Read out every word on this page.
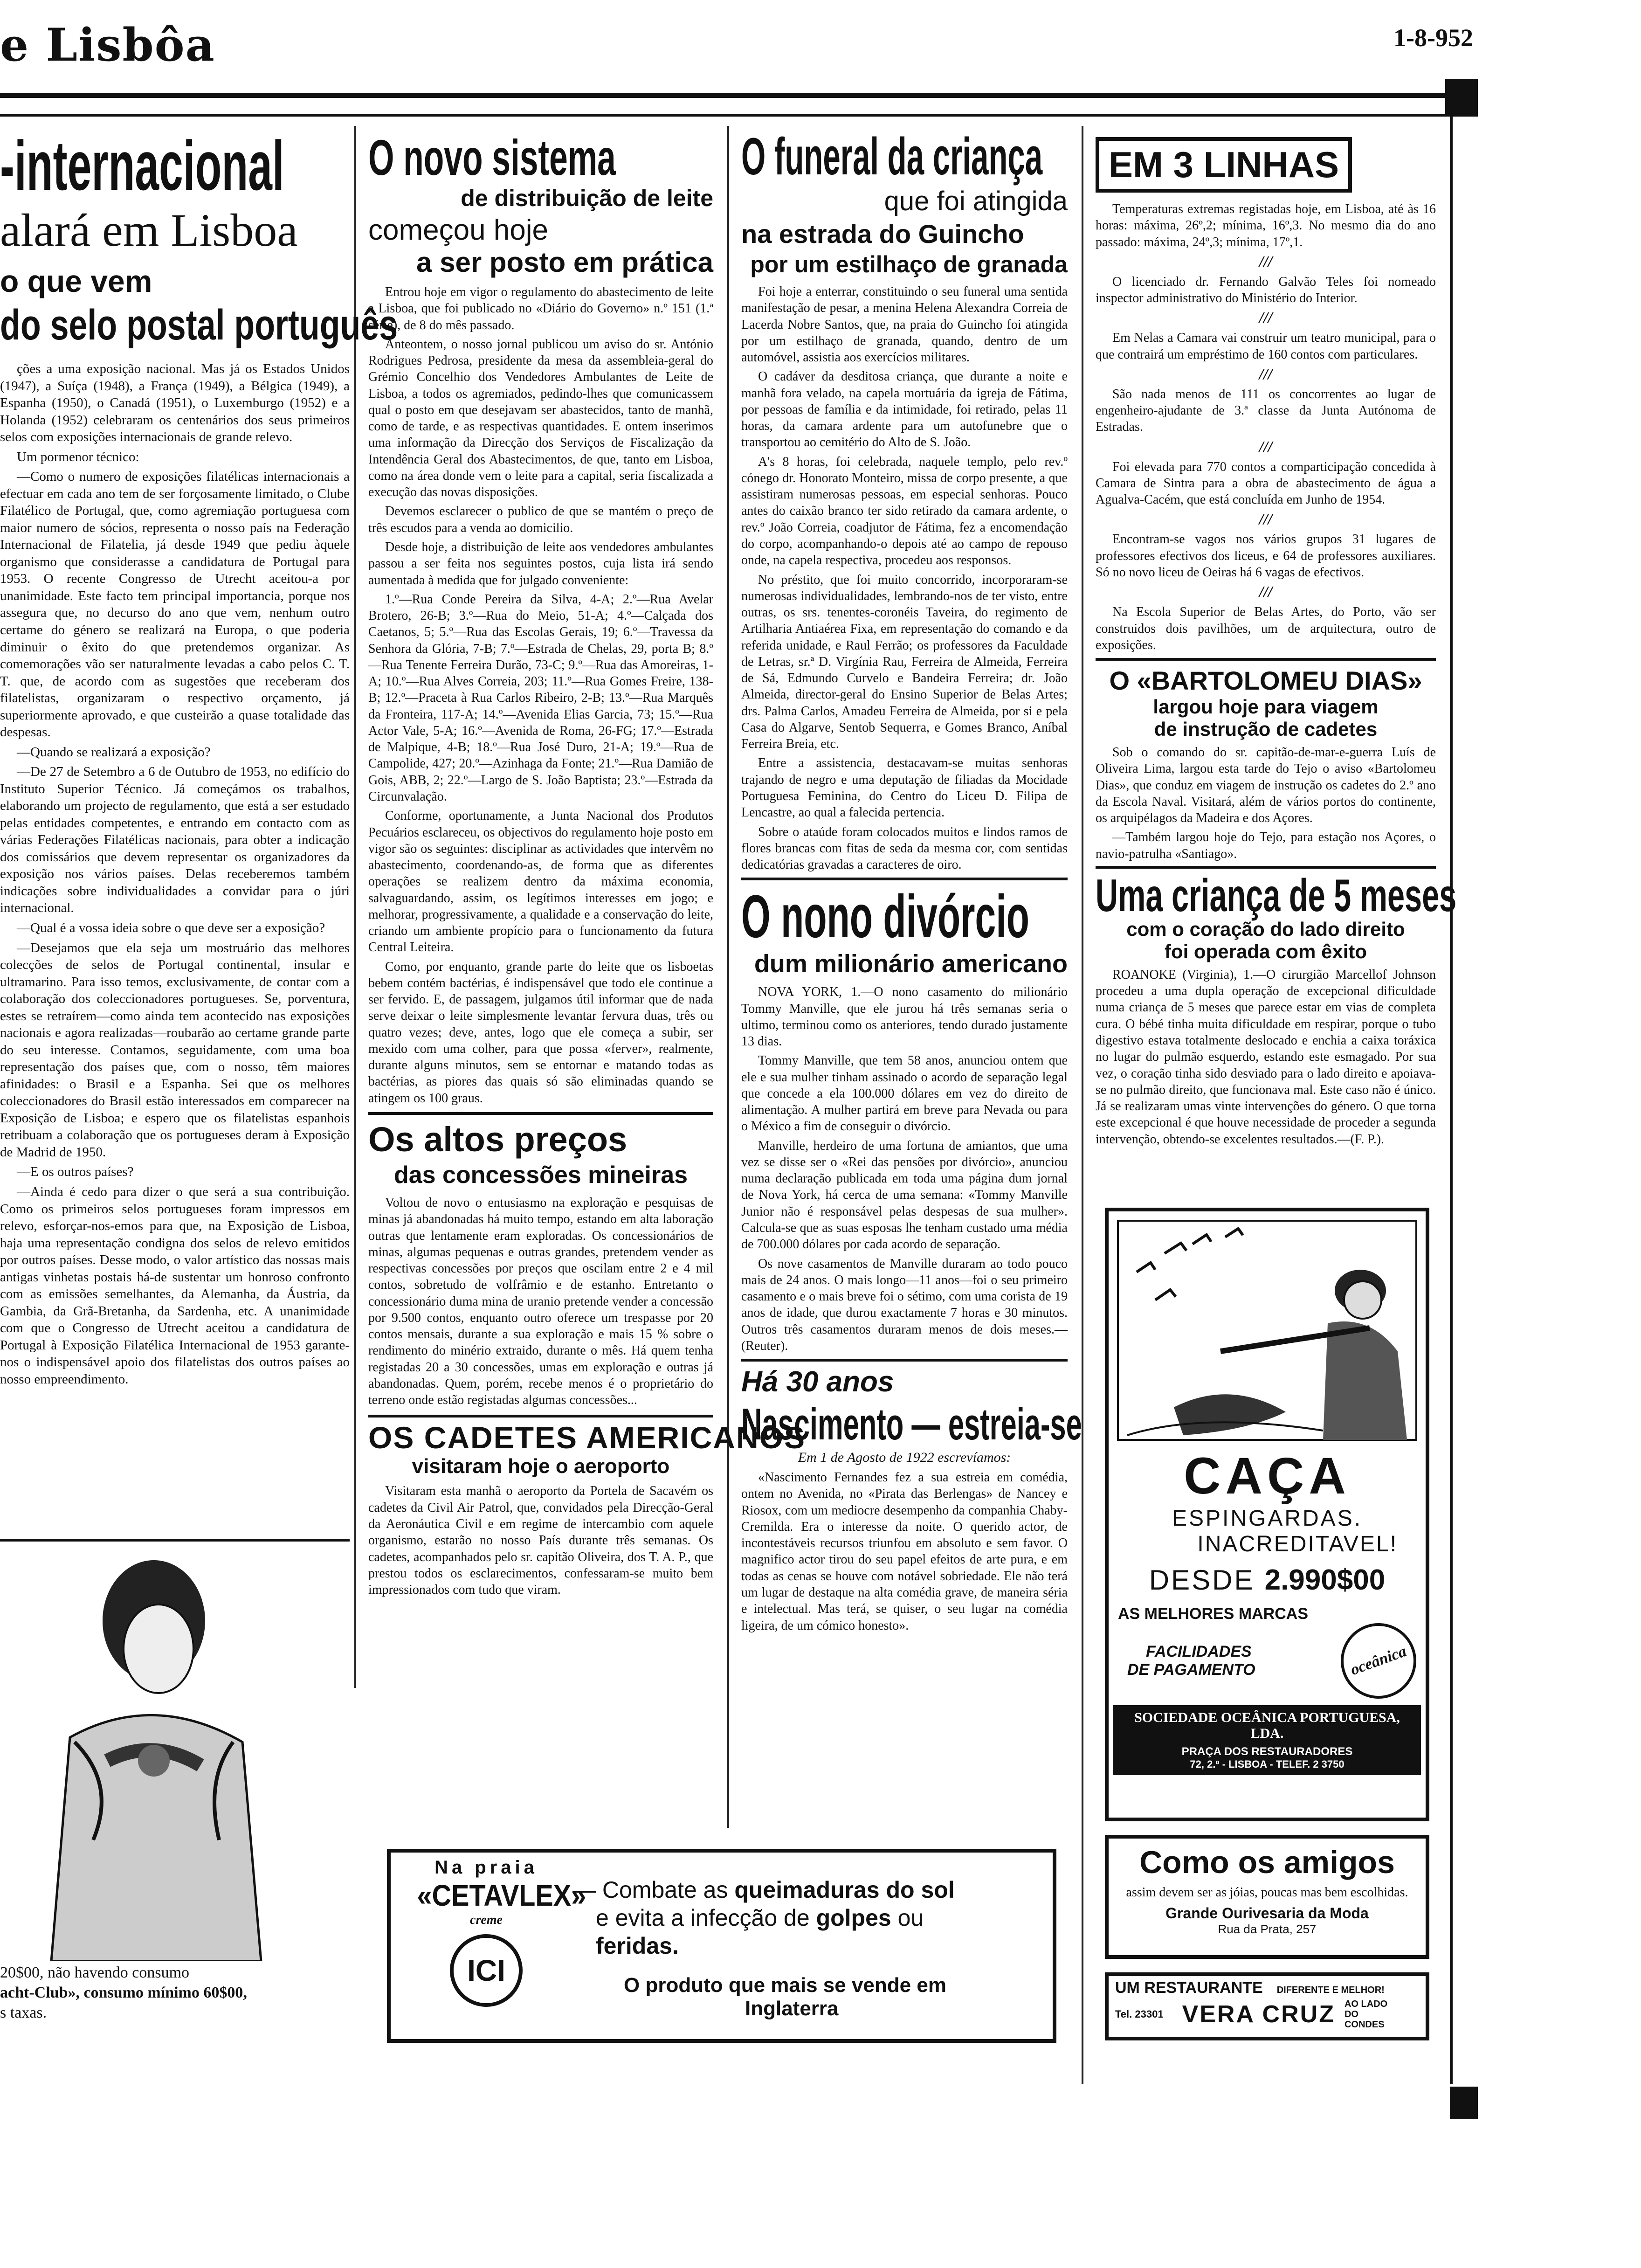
e Lisbôa	1-8-952
-internacional
alará em Lisboa
o que vem
do selo postal português

ções a uma exposição nacional. Mas já os Estados Unidos (1947), a Suíça (1948), a França (1949), a Bélgica (1949), a Espanha (1950), o Canadá (1951), o Luxemburgo (1952) e a Holanda (1952) celebraram os centenários dos seus primeiros selos com exposições internacionais de grande relevo.

Um pormenor técnico:

—Como o numero de exposições filatélicas internacionais a efectuar em cada ano tem de ser forçosamente limitado, o Clube Filatélico de Portugal, que, como agremiação portuguesa com maior numero de sócios, representa o nosso país na Federação Internacional de Filatelia, já desde 1949 que pediu àquele organismo que considerasse a candidatura de Portugal para 1953. O recente Congresso de Utrecht aceitou-a por unanimidade. Este facto tem principal importancia, porque nos assegura que, no decurso do ano que vem, nenhum outro certame do género se realizará na Europa, o que poderia diminuir o êxito do que pretendemos organizar. As comemorações vão ser naturalmente levadas a cabo pelos C. T. T. que, de acordo com as sugestões que receberam dos filatelistas, organizaram o respectivo orçamento, já superiormente aprovado, e que custeirão a quase totalidade das despesas.

—Quando se realizará a exposição?

—De 27 de Setembro a 6 de Outubro de 1953, no edifício do Instituto Superior Técnico. Já começámos os trabalhos, elaborando um projecto de regulamento, que está a ser estudado pelas entidades competentes, e entrando em contacto com as várias Federações Filatélicas nacionais, para obter a indicação dos comissários que devem representar os organizadores da exposição nos vários países. Delas receberemos também indicações sobre individualidades a convidar para o júri internacional.

—Qual é a vossa ideia sobre o que deve ser a exposição?

—Desejamos que ela seja um mostruário das melhores colecções de selos de Portugal continental, insular e ultramarino. Para isso temos, exclusivamente, de contar com a colaboração dos coleccionadores portugueses. Se, porventura, estes se retraírem—como ainda tem acontecido nas exposições nacionais e agora realizadas—roubarão ao certame grande parte do seu interesse. Contamos, seguidamente, com uma boa representação dos países que, com o nosso, têm maiores afinidades: o Brasil e a Espanha. Sei que os melhores coleccionadores do Brasil estão interessados em comparecer na Exposição de Lisboa; e espero que os filatelistas espanhois retribuam a colaboração que os portugueses deram à Exposição de Madrid de 1950.

—E os outros países?

—Ainda é cedo para dizer o que será a sua contribuição. Como os primeiros selos portugueses foram impressos em relevo, esforçar-nos-emos para que, na Exposição de Lisboa, haja uma representação condigna dos selos de relevo emitidos por outros países. Desse modo, o valor artístico das nossas mais antigas vinhetas postais há-de sustentar um honroso confronto com as emissões semelhantes, da Alemanha, da Áustria, da Gambia, da Grã-Bretanha, da Sardenha, etc. A unanimidade com que o Congresso de Utrecht aceitou a candidatura de Portugal à Exposição Filatélica Internacional de 1953 garante-nos o indispensável apoio dos filatelistas dos outros países ao nosso empreendimento.

20$00, não havendo consumo
acht-Club», consumo mínimo 60$00,
s taxas.
O novo sistema
de distribuição de leite
começou hoje
a ser posto em prática

Entrou hoje em vigor o regulamento do abastecimento de leite a Lisboa, que foi publicado no «Diário do Governo» n.º 151 (1.ª série), de 8 do mês passado.

Anteontem, o nosso jornal publicou um aviso do sr. António Rodrigues Pedrosa, presidente da mesa da assembleia-geral do Grémio Concelhio dos Vendedores Ambulantes de Leite de Lisboa, a todos os agremiados, pedindo-lhes que comunicassem qual o posto em que desejavam ser abastecidos, tanto de manhã, como de tarde, e as respectivas quantidades. E ontem inserimos uma informação da Direcção dos Serviços de Fiscalização da Intendência Geral dos Abastecimentos, de que, tanto em Lisboa, como na área donde vem o leite para a capital, seria fiscalizada a execução das novas disposições.

Devemos esclarecer o publico de que se mantém o preço de três escudos para a venda ao domicilio.

Desde hoje, a distribuição de leite aos vendedores ambulantes passou a ser feita nos seguintes postos, cuja lista irá sendo aumentada à medida que for julgado conveniente:

1.º—Rua Conde Pereira da Silva, 4-A; 2.º—Rua Avelar Brotero, 26-B; 3.º—Rua do Meio, 51-A; 4.º—Calçada dos Caetanos, 5; 5.º—Rua das Escolas Gerais, 19; 6.º—Travessa da Senhora da Glória, 7-B; 7.º—Estrada de Chelas, 29, porta B; 8.º—Rua Tenente Ferreira Durão, 73-C; 9.º—Rua das Amoreiras, 1-A; 10.º—Rua Alves Correia, 203; 11.º—Rua Gomes Freire, 138-B; 12.º—Praceta à Rua Carlos Ribeiro, 2-B; 13.º—Rua Marquês da Fronteira, 117-A; 14.º—Avenida Elias Garcia, 73; 15.º—Rua Actor Vale, 5-A; 16.º—Avenida de Roma, 26-FG; 17.º—Estrada de Malpique, 4-B; 18.º—Rua José Duro, 21-A; 19.º—Rua de Campolide, 427; 20.º—Azinhaga da Fonte; 21.º—Rua Damião de Gois, ABB, 2; 22.º—Largo de S. João Baptista; 23.º—Estrada da Circunvalação.

Conforme, oportunamente, a Junta Nacional dos Produtos Pecuários esclareceu, os objectivos do regulamento hoje posto em vigor são os seguintes: disciplinar as actividades que intervêm no abastecimento, coordenando-as, de forma que as diferentes operações se realizem dentro da máxima economia, salvaguardando, assim, os legítimos interesses em jogo; e melhorar, progressivamente, a qualidade e a conservação do leite, criando um ambiente propício para o funcionamento da futura Central Leiteira.

Como, por enquanto, grande parte do leite que os lisboetas bebem contém bactérias, é indispensável que todo ele continue a ser fervido. E, de passagem, julgamos útil informar que de nada serve deixar o leite simplesmente levantar fervura duas, três ou quatro vezes; deve, antes, logo que ele começa a subir, ser mexido com uma colher, para que possa «ferver», realmente, durante alguns minutos, sem se entornar e matando todas as bactérias, as piores das quais só são eliminadas quando se atingem os 100 graus.

Os altos preços
das concessões mineiras

Voltou de novo o entusiasmo na exploração e pesquisas de minas já abandonadas há muito tempo, estando em alta laboração outras que lentamente eram exploradas. Os concessionários de minas, algumas pequenas e outras grandes, pretendem vender as respectivas concessões por preços que oscilam entre 2 e 4 mil contos, sobretudo de volfrâmio e de estanho. Entretanto o concessionário duma mina de uranio pretende vender a concessão por 9.500 contos, enquanto outro oferece um trespasse por 20 contos mensais, durante a sua exploração e mais 15 % sobre o rendimento do minério extraido, durante o mês. Há quem tenha registadas 20 a 30 concessões, umas em exploração e outras já abandonadas. Quem, porém, recebe menos é o proprietário do terreno onde estão registadas algumas concessões...

OS CADETES AMERICANOS
visitaram hoje o aeroporto

Visitaram esta manhã o aeroporto da Portela de Sacavém os cadetes da Civil Air Patrol, que, convidados pela Direcção-Geral da Aeronáutica Civil e em regime de intercambio com aquele organismo, estarão no nosso País durante três semanas. Os cadetes, acompanhados pelo sr. capitão Oliveira, dos T. A. P., que prestou todos os esclarecimentos, confessaram-se muito bem impressionados com tudo que viram.

O funeral da criança
que foi atingida
na estrada do Guincho
por um estilhaço de granada

Foi hoje a enterrar, constituindo o seu funeral uma sentida manifestação de pesar, a menina Helena Alexandra Correia de Lacerda Nobre Santos, que, na praia do Guincho foi atingida por um estilhaço de granada, quando, dentro de um automóvel, assistia aos exercícios militares.

O cadáver da desditosa criança, que durante a noite e manhã fora velado, na capela mortuária da igreja de Fátima, por pessoas de família e da intimidade, foi retirado, pelas 11 horas, da camara ardente para um autofunebre que o transportou ao cemitério do Alto de S. João.

A's 8 horas, foi celebrada, naquele templo, pelo rev.º cónego dr. Honorato Monteiro, missa de corpo presente, a que assistiram numerosas pessoas, em especial senhoras. Pouco antes do caixão branco ter sido retirado da camara ardente, o rev.º João Correia, coadjutor de Fátima, fez a encomendação do corpo, acompanhando-o depois até ao campo de repouso onde, na capela respectiva, procedeu aos responsos.

No préstito, que foi muito concorrido, incorporaram-se numerosas individualidades, lembrando-nos de ter visto, entre outras, os srs. tenentes-coronéis Taveira, do regimento de Artilharia Antiaérea Fixa, em representação do comando e da referida unidade, e Raul Ferrão; os professores da Faculdade de Letras, sr.ª D. Virgínia Rau, Ferreira de Almeida, Ferreira de Sá, Edmundo Curvelo e Bandeira Ferreira; dr. João Almeida, director-geral do Ensino Superior de Belas Artes; drs. Palma Carlos, Amadeu Ferreira de Almeida, por si e pela Casa do Algarve, Sentob Sequerra, e Gomes Branco, Aníbal Ferreira Breia, etc.

Entre a assistencia, destacavam-se muitas senhoras trajando de negro e uma deputação de filiadas da Mocidade Portuguesa Feminina, do Centro do Liceu D. Filipa de Lencastre, ao qual a falecida pertencia.

Sobre o ataúde foram colocados muitos e lindos ramos de flores brancas com fitas de seda da mesma cor, com sentidas dedicatórias gravadas a caracteres de oiro.

O nono divórcio
dum milionário americano

NOVA YORK, 1.—O nono casamento do milionário Tommy Manville, que ele jurou há três semanas seria o ultimo, terminou como os anteriores, tendo durado justamente 13 dias.

Tommy Manville, que tem 58 anos, anunciou ontem que ele e sua mulher tinham assinado o acordo de separação legal que concede a ela 100.000 dólares em vez do direito de alimentação. A mulher partirá em breve para Nevada ou para o México a fim de conseguir o divórcio.

Manville, herdeiro de uma fortuna de amiantos, que uma vez se disse ser o «Rei das pensões por divórcio», anunciou numa declaração publicada em toda uma página dum jornal de Nova York, há cerca de uma semana: «Tommy Manville Junior não é responsável pelas despesas de sua mulher». Calcula-se que as suas esposas lhe tenham custado uma média de 700.000 dólares por cada acordo de separação.

Os nove casamentos de Manville duraram ao todo pouco mais de 24 anos. O mais longo—11 anos—foi o seu primeiro casamento e o mais breve foi o sétimo, com uma corista de 19 anos de idade, que durou exactamente 7 horas e 30 minutos. Outros três casamentos duraram menos de dois meses.—(Reuter).

Há 30 anos
Nascimento — estreia-se
Em 1 de Agosto de 1922 escrevíamos:

«Nascimento Fernandes fez a sua estreia em comédia, ontem no Avenida, no «Pirata das Berlengas» de Nancey e Riosox, com um mediocre desempenho da companhia Chaby-Cremilda. Era o interesse da noite. O querido actor, de incontestáveis recursos triunfou em absoluto e sem favor. O magnifico actor tirou do seu papel efeitos de arte pura, e em todas as cenas se houve com notável sobriedade. Ele não terá um lugar de destaque na alta comédia grave, de maneira séria e intelectual. Mas terá, se quiser, o seu lugar na comédia ligeira, de um cómico honesto».

EM 3 LINHAS

Temperaturas extremas registadas hoje, em Lisboa, até às 16 horas: máxima, 26º,2; mínima, 16º,3. No mesmo dia do ano passado: máxima, 24º,3; mínima, 17º,1.

///

O licenciado dr. Fernando Galvão Teles foi nomeado inspector administrativo do Ministério do Interior.

///

Em Nelas a Camara vai construir um teatro municipal, para o que contrairá um empréstimo de 160 contos com particulares.

///

São nada menos de 111 os concorrentes ao lugar de engenheiro-ajudante de 3.ª classe da Junta Autónoma de Estradas.

///

Foi elevada para 770 contos a comparticipação concedida à Camara de Sintra para a obra de abastecimento de água a Agualva-Cacém, que está concluída em Junho de 1954.

///

Encontram-se vagos nos vários grupos 31 lugares de professores efectivos dos liceus, e 64 de professores auxiliares. Só no novo liceu de Oeiras há 6 vagas de efectivos.

///

Na Escola Superior de Belas Artes, do Porto, vão ser construidos dois pavilhões, um de arquitectura, outro de exposições.

O «BARTOLOMEU DIAS»
largou hoje para viagem
de instrução de cadetes

Sob o comando do sr. capitão-de-mar-e-guerra Luís de Oliveira Lima, largou esta tarde do Tejo o aviso «Bartolomeu Dias», que conduz em viagem de instrução os cadetes do 2.º ano da Escola Naval. Visitará, além de vários portos do continente, os arquipélagos da Madeira e dos Açores.

—Também largou hoje do Tejo, para estação nos Açores, o navio-patrulha «Santiago».

Uma criança de 5 meses
com o coração do lado direito
foi operada com êxito

ROANOKE (Virginia), 1.—O cirurgião Marcellof Johnson procedeu a uma dupla operação de excepcional dificuldade numa criança de 5 meses que parece estar em vias de completa cura. O bébé tinha muita dificuldade em respirar, porque o tubo digestivo estava totalmente deslocado e enchia a caixa toráxica no lugar do pulmão esquerdo, estando este esmagado. Por sua vez, o coração tinha sido desviado para o lado direito e apoiava-se no pulmão direito, que funcionava mal. Este caso não é único. Já se realizaram umas vinte intervenções do género. O que torna este excepcional é que houve necessidade de proceder a segunda intervenção, obtendo-se excelentes resultados.—(F. P.).

CAÇA
ESPINGARDAS.
INACREDITAVEL!
DESDE 2.990$00
AS MELHORES MARCAS
FACILIDADES
DE PAGAMENTO	oceânica
SOCIEDADE OCEÂNICA PORTUGUESA, LDA.
PRAÇA DOS RESTAURADORES
72, 2.º - LISBOA - TELEF. 2 3750
Como os amigos
assim devem ser as jóias, poucas mas bem escolhidas.
Grande Ourivesaria da Moda
Rua da Prata, 257
UM RESTAURANTE DIFERENTE E MELHOR!
Tel. 23301 VERA CRUZ AO LADO DO CONDES
Na praia
«CETAVLEX»
creme
ICI
— Combate as queimaduras do sol
e evita a infecção de golpes ou
feridas.
O produto que mais se vende em
Inglaterra
